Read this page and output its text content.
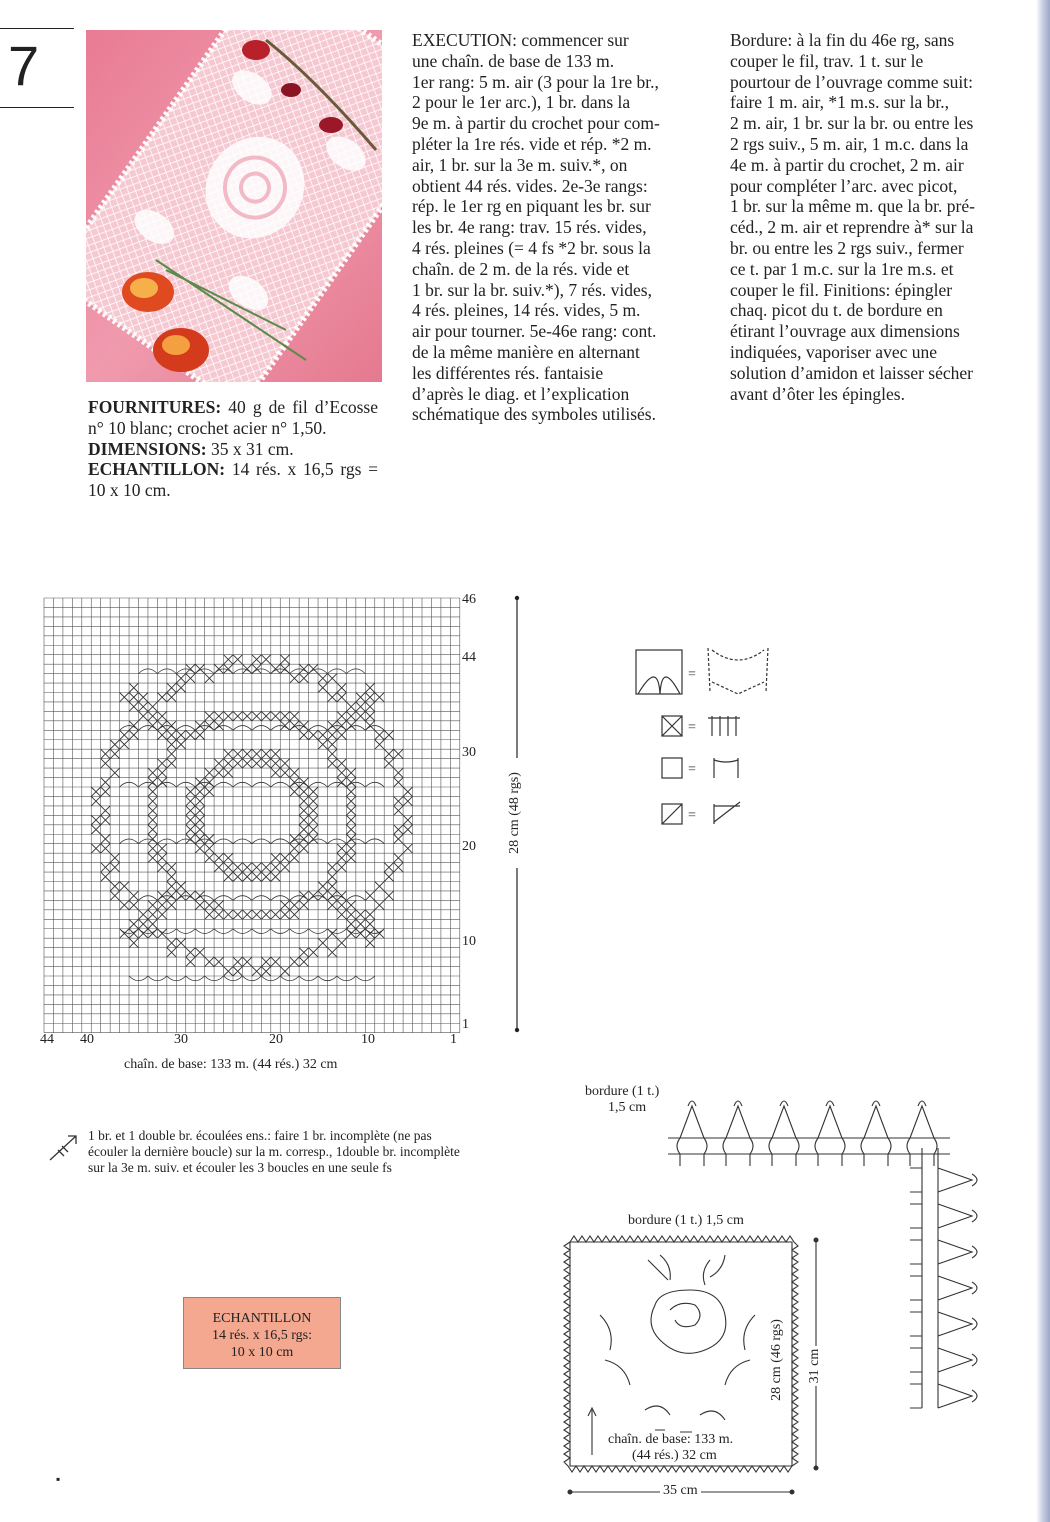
7
FOURNITURES: 40 g de fil d’Ecosse n° 10 blanc; crochet acier n° 1,50.
DIMENSIONS: 35 x 31 cm.
ECHANTILLON: 14 rés. x 16,5 rgs = 10 x 10 cm.
EXECUTION: commencer sur
une chaîn. de base de 133 m.
1er rang: 5 m. air (3 pour la 1re br.,
2 pour le 1er arc.), 1 br. dans la
9e m. à partir du crochet pour com-
pléter la 1re rés. vide et rép. *2 m.
air, 1 br. sur la 3e m. suiv.*, on
obtient 44 rés. vides. 2e-3e rangs:
rép. le 1er rg en piquant les br. sur
les br. 4e rang: trav. 15 rés. vides,
4 rés. pleines (= 4 fs *2 br. sous la
chaîn. de 2 m. de la rés. vide et
1 br. sur la br. suiv.*), 7 rés. vides,
4 rés. pleines, 14 rés. vides, 5 m.
air pour tourner. 5e-46e rang: cont.
de la même manière en alternant
les différentes rés. fantaisie
d’après le diag. et l’explication
schématique des symboles utilisés.
Bordure: à la fin du 46e rg, sans
couper le fil, trav. 1 t. sur le
pourtour de l’ouvrage comme suit:
faire 1 m. air, *1 m.s. sur la br.,
2 m. air, 1 br. sur la br. ou entre les
2 rgs suiv., 5 m. air, 1 m.c. dans la
4e m. à partir du crochet, 2 m. air
pour compléter l’arc. avec picot,
1 br. sur la même m. que la br. pré-
céd., 2 m. air et reprendre à* sur la
br. ou entre les 2 rgs suiv., fermer
ce t. par 1 m.c. sur la 1re m.s. et
couper le fil. Finitions: épingler
chaq. picot du t. de bordure en
étirant l’ouvrage aux dimensions
indiquées, vaporiser avec une
solution d’amidon et laisser sécher
avant d’ôter les épingles.
46
44
30
20
10
1
44 40	30	20	10	1
chaîn. de base: 133 m. (44 rés.) 32 cm
28 cm (48 rgs)
=
=
=
=
1 br. et 1 double br. écoulées ens.: faire 1 br. incomplète (ne pas écouler la dernière boucle) sur la m. corresp., 1double br. incomplète sur la 3e m. suiv. et écouler les 3 boucles en une seule fs
ECHANTILLON
14 rés. x 16,5 rgs:
10 x 10 cm
bordure (1 t.)
1,5 cm
bordure (1 t.) 1,5 cm
28 cm (46 rgs) 31 cm
chaîn. de base: 133 m.
(44 rés.) 32 cm
35 cm
▪
